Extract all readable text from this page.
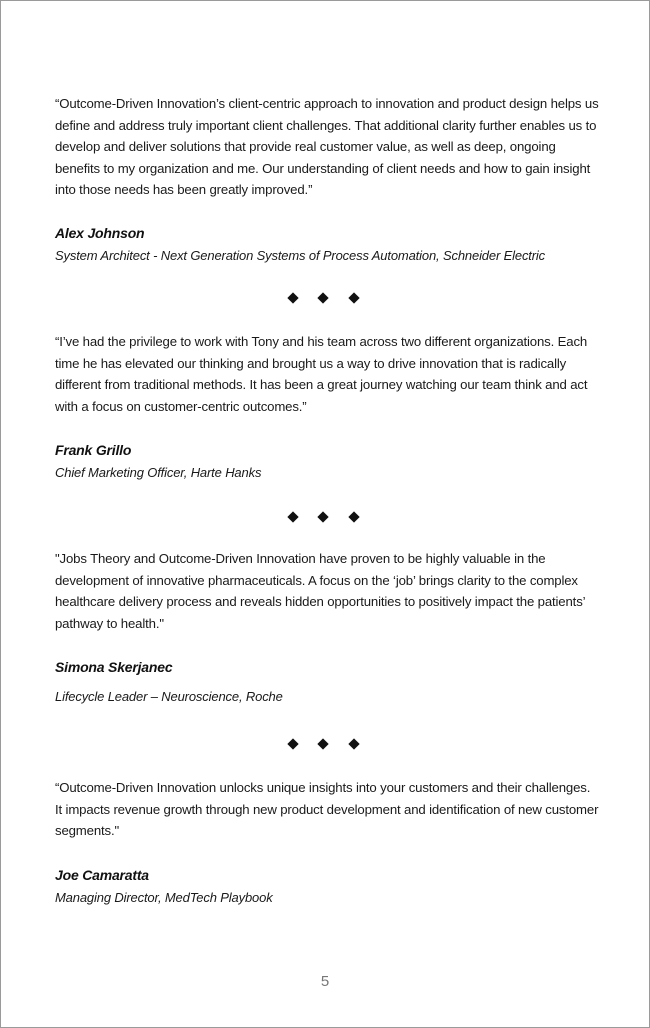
“Outcome-Driven Innovation’s client-centric approach to innovation and product design helps us define and address truly important client challenges. That additional clarity further enables us to develop and deliver solutions that provide real customer value, as well as deep, ongoing benefits to my organization and me. Our understanding of client needs and how to gain insight into those needs has been greatly improved.”

Alex Johnson
System Architect - Next Generation Systems of Process Automation, Schneider Electric

“I’ve had the privilege to work with Tony and his team across two different organizations. Each time he has elevated our thinking and brought us a way to drive innovation that is radically different from traditional methods. It has been a great journey watching our team think and act with a focus on customer-centric outcomes.”

Frank Grillo
Chief Marketing Officer, Harte Hanks

"Jobs Theory and Outcome-Driven Innovation have proven to be highly valuable in the development of innovative pharmaceuticals. A focus on the ‘job’ brings clarity to the complex healthcare delivery process and reveals hidden opportunities to positively impact the patients’ pathway to health."

Simona Skerjanec
Lifecycle Leader – Neuroscience, Roche

“Outcome-Driven Innovation unlocks unique insights into your customers and their challenges. It impacts revenue growth through new product development and identification of new customer segments."

Joe Camaratta
Managing Director, MedTech Playbook
5
